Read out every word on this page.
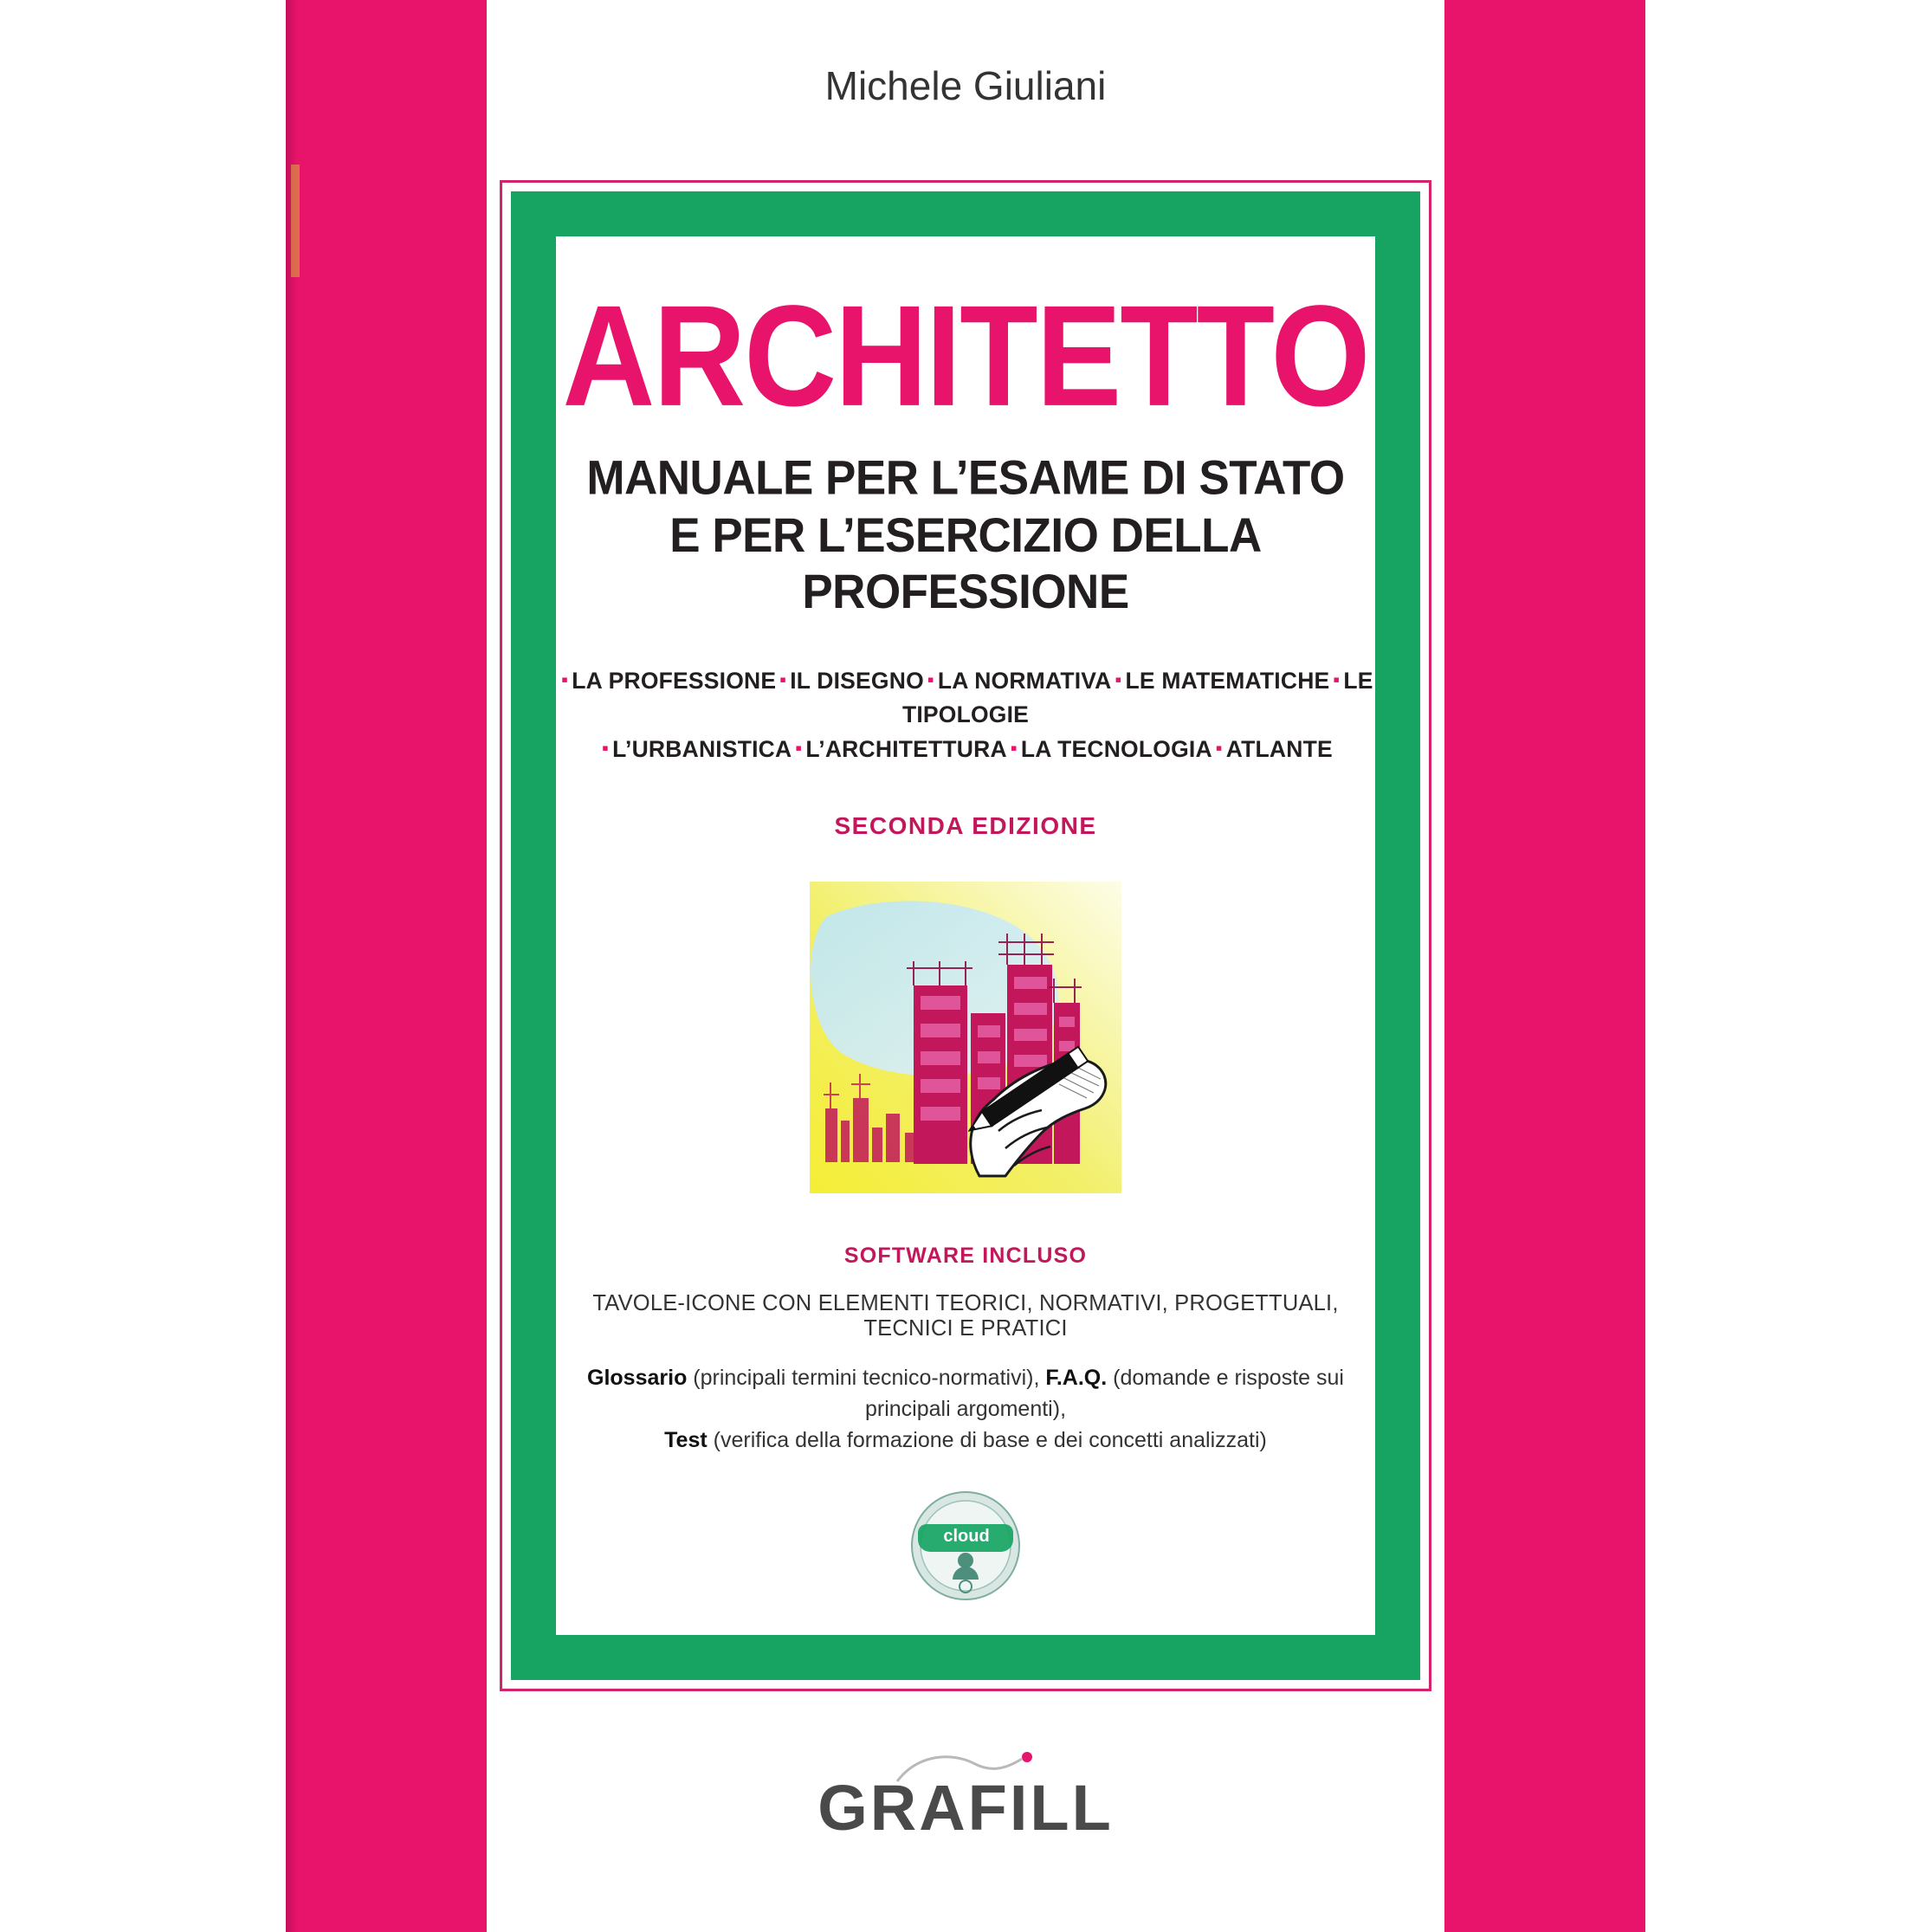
Michele Giuliani
ARCHITETTO
MANUALE PER L’ESAME DI STATO
E PER L’ESERCIZIO DELLA PROFESSIONE
▪ LA PROFESSIONE ▪ IL DISEGNO ▪ LA NORMATIVA ▪ LE MATEMATICHE ▪ LE TIPOLOGIE
▪ L’URBANISTICA ▪ L’ARCHITETTURA ▪ LA TECNOLOGIA ▪ ATLANTE
SECONDA EDIZIONE
SOFTWARE INCLUSO
TAVOLE-ICONE CON ELEMENTI TEORICI, NORMATIVI, PROGETTUALI, TECNICI E PRATICI
Glossario (principali termini tecnico-normativi), F.A.Q. (domande e risposte sui principali argomenti),
Test (verifica della formazione di base e dei concetti analizzati)
cloud
GRAFILL
